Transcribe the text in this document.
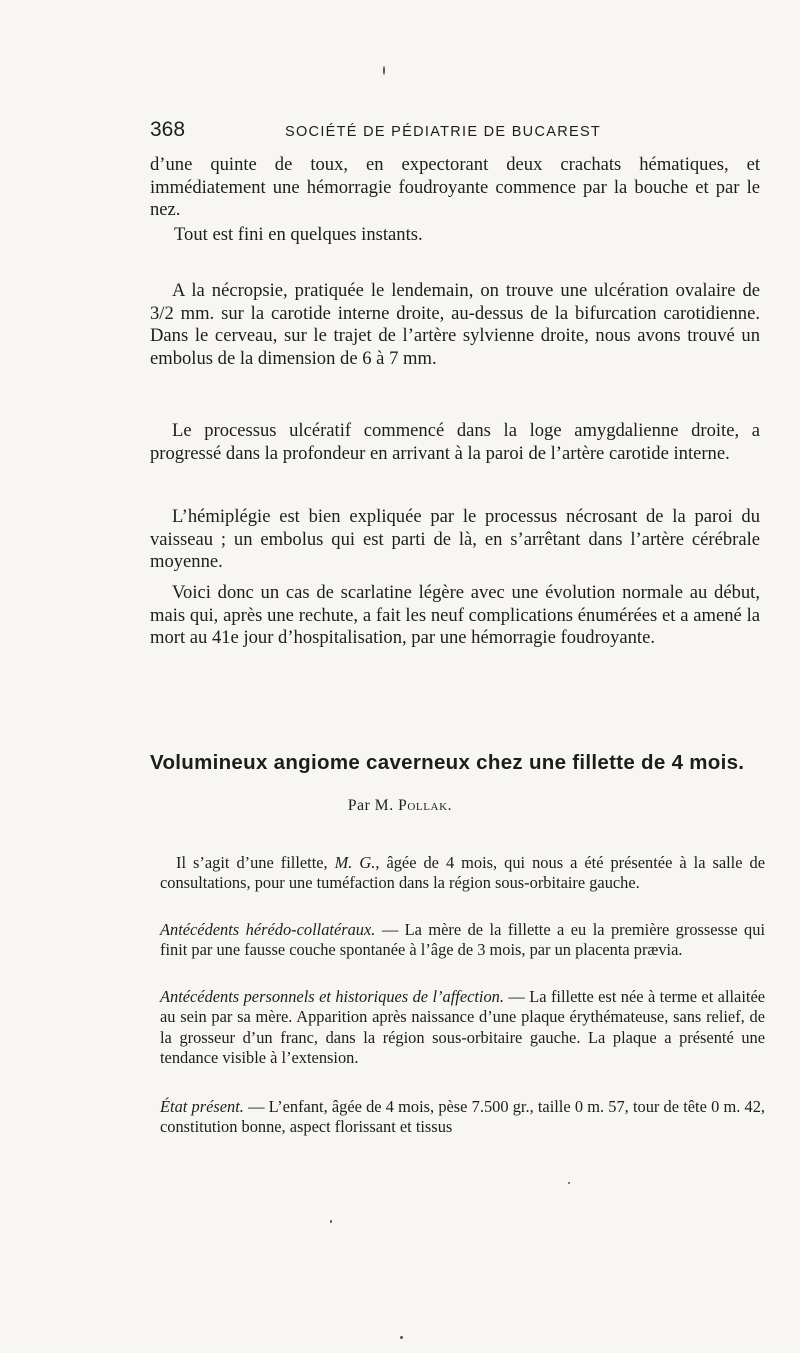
368	SOCIÉTÉ DE PÉDIATRIE DE BUCAREST

d’une quinte de toux, en expectorant deux crachats hématiques, et immédiatement une hémorragie foudroyante commence par la bouche et par le nez.

Tout est fini en quelques instants.

A la nécropsie, pratiquée le lendemain, on trouve une ulcération ovalaire de 3/2 mm. sur la carotide interne droite, au-dessus de la bifurcation carotidienne. Dans le cerveau, sur le trajet de l’artère sylvienne droite, nous avons trouvé un embolus de la dimension de 6 à 7 mm.

Le processus ulcératif commencé dans la loge amygdalienne droite, a progressé dans la profondeur en arrivant à la paroi de l’artère carotide interne.

L’hémiplégie est bien expliquée par le processus nécrosant de la paroi du vaisseau ; un embolus qui est parti de là, en s’arrêtant dans l’artère cérébrale moyenne.

Voici donc un cas de scarlatine légère avec une évolution normale au début, mais qui, après une rechute, a fait les neuf complications énumérées et a amené la mort au 41e jour d’hospitalisation, par une hémorragie foudroyante.

Volumineux angiome caverneux chez une fillette de 4 mois.
Par M. Pollak.

Il s’agit d’une fillette, M. G., âgée de 4 mois, qui nous a été présentée à la salle de consultations, pour une tuméfaction dans la région sous-orbitaire gauche.

Antécédents hérédo-collatéraux. — La mère de la fillette a eu la première grossesse qui finit par une fausse couche spontanée à l’âge de 3 mois, par un placenta prævia.

Antécédents personnels et historiques de l’affection. — La fillette est née à terme et allaitée au sein par sa mère. Apparition après naissance d’une plaque érythémateuse, sans relief, de la grosseur d’un franc, dans la région sous-orbitaire gauche. La plaque a présenté une tendance visible à l’extension.

État présent. — L’enfant, âgée de 4 mois, pèse 7.500 gr., taille 0 m. 57, tour de tête 0 m. 42, constitution bonne, aspect florissant et tissus
